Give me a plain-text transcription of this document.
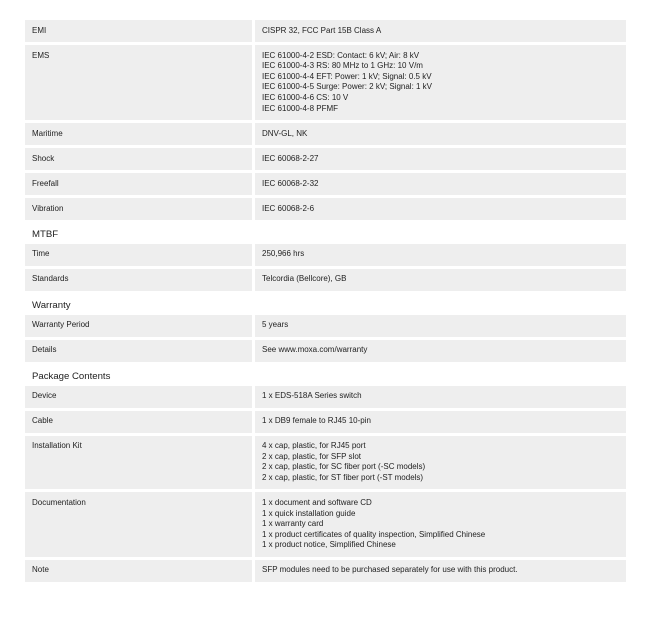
EMI	CISPR 32, FCC Part 15B Class A
EMS	IEC 61000-4-2 ESD: Contact: 6 kV; Air: 8 kV
IEC 61000-4-3 RS: 80 MHz to 1 GHz: 10 V/m
IEC 61000-4-4 EFT: Power: 1 kV; Signal: 0.5 kV
IEC 61000-4-5 Surge: Power: 2 kV; Signal: 1 kV
IEC 61000-4-6 CS: 10 V
IEC 61000-4-8 PFMF
Maritime	DNV-GL, NK
Shock	IEC 60068-2-27
Freefall	IEC 60068-2-32
Vibration	IEC 60068-2-6
MTBF
Time	250,966 hrs
Standards	Telcordia (Bellcore), GB
Warranty
Warranty Period	5 years
Details	See www.moxa.com/warranty
Package Contents
Device	1 x EDS-518A Series switch
Cable	1 x DB9 female to RJ45 10-pin
Installation Kit	4 x cap, plastic, for RJ45 port
2 x cap, plastic, for SFP slot
2 x cap, plastic, for SC fiber port (-SC models)
2 x cap, plastic, for ST fiber port (-ST models)
Documentation	1 x document and software CD
1 x quick installation guide
1 x warranty card
1 x product certificates of quality inspection, Simplified Chinese
1 x product notice, Simplified Chinese
Note	SFP modules need to be purchased separately for use with this product.
